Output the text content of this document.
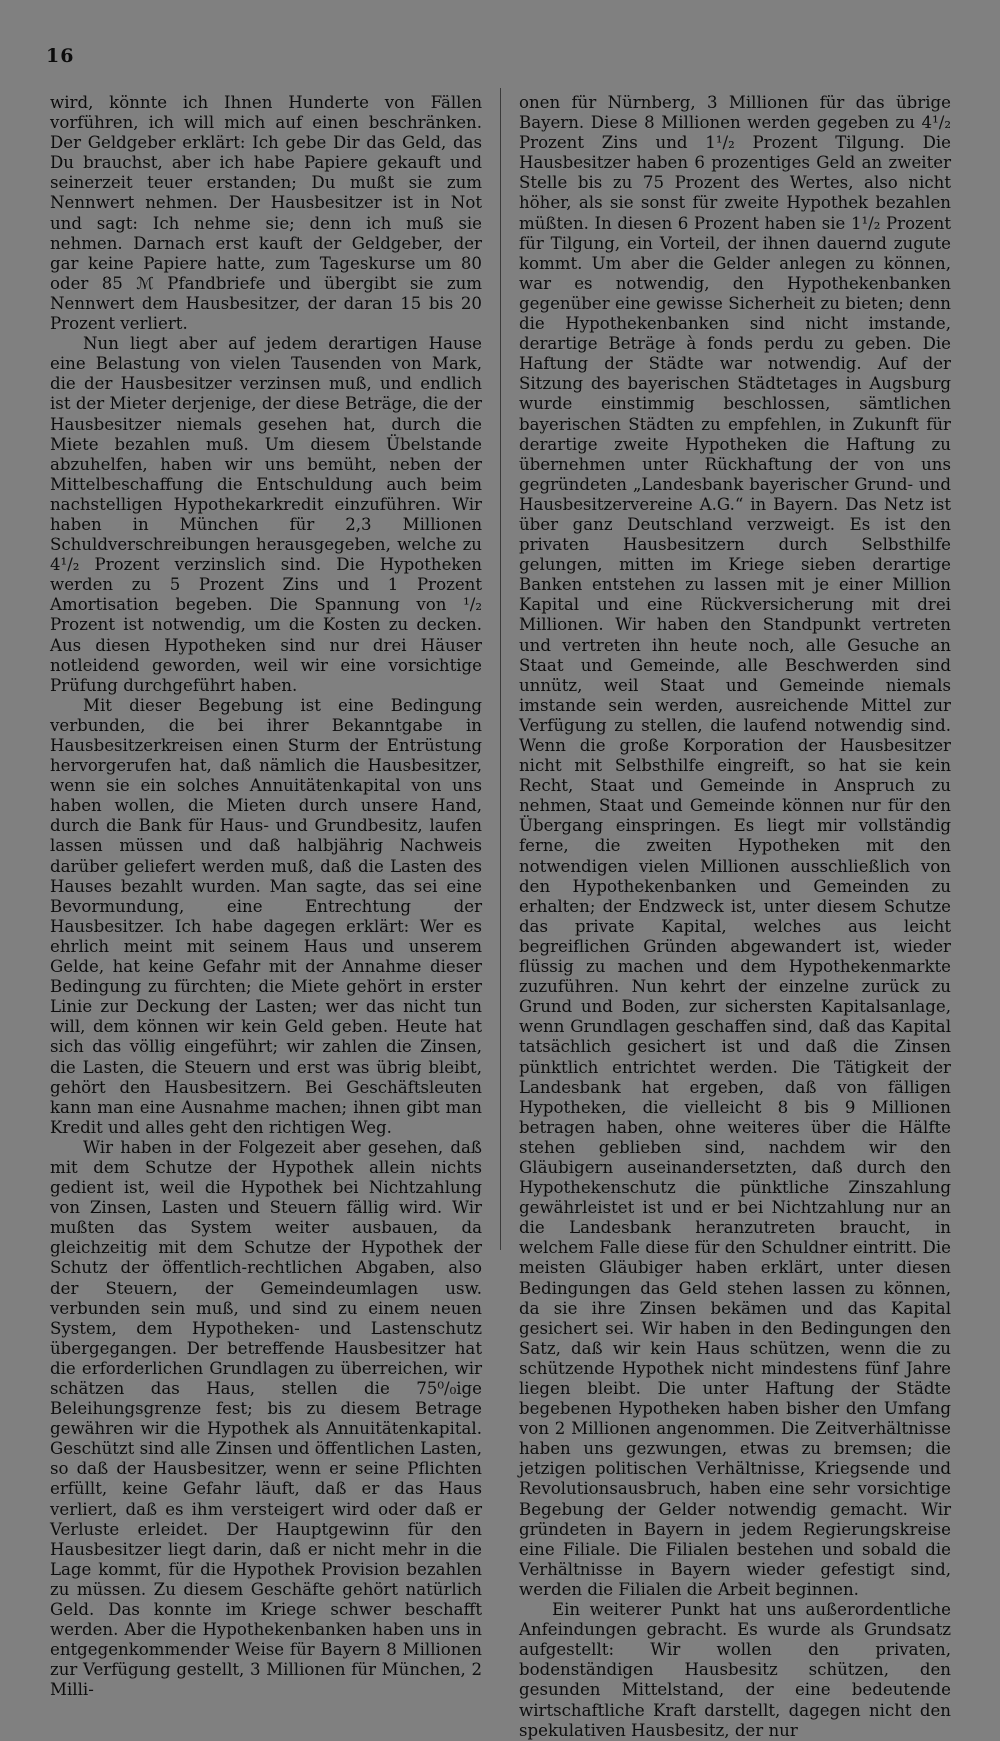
16

wird, könnte ich Ihnen Hunderte von Fällen vorführen, ich will mich auf einen beschränken. Der Geldgeber erklärt: Ich gebe Dir das Geld, das Du brauchst, aber ich habe Papiere gekauft und seinerzeit teuer erstanden; Du mußt sie zum Nennwert nehmen. Der Hausbesitzer ist in Not und sagt: Ich nehme sie; denn ich muß sie nehmen. Darnach erst kauft der Geldgeber, der gar keine Papiere hatte, zum Tageskurse um 80 oder 85 ℳ Pfandbriefe und übergibt sie zum Nennwert dem Hausbesitzer, der daran 15 bis 20 Prozent verliert.

Nun liegt aber auf jedem derartigen Hause eine Belastung von vielen Tausenden von Mark, die der Hausbesitzer verzinsen muß, und endlich ist der Mieter derjenige, der diese Beträge, die der Hausbesitzer niemals gesehen hat, durch die Miete bezahlen muß. Um diesem Übelstande abzuhelfen, haben wir uns bemüht, neben der Mittelbeschaffung die Entschuldung auch beim nachstelligen Hypothekarkredit einzuführen. Wir haben in München für 2,3 Millionen Schuldverschreibungen herausgegeben, welche zu 4¹/₂ Prozent verzinslich sind. Die Hypotheken werden zu 5 Prozent Zins und 1 Prozent Amortisation begeben. Die Spannung von ¹/₂ Prozent ist notwendig, um die Kosten zu decken. Aus diesen Hypotheken sind nur drei Häuser notleidend geworden, weil wir eine vorsichtige Prüfung durchgeführt haben.

Mit dieser Begebung ist eine Bedingung verbunden, die bei ihrer Bekanntgabe in Hausbesitzerkreisen einen Sturm der Entrüstung hervorgerufen hat, daß nämlich die Hausbesitzer, wenn sie ein solches Annuitätenkapital von uns haben wollen, die Mieten durch unsere Hand, durch die Bank für Haus- und Grundbesitz, laufen lassen müssen und daß halbjährig Nachweis darüber geliefert werden muß, daß die Lasten des Hauses bezahlt wurden. Man sagte, das sei eine Bevormundung, eine Entrechtung der Hausbesitzer. Ich habe dagegen erklärt: Wer es ehrlich meint mit seinem Haus und unserem Gelde, hat keine Gefahr mit der Annahme dieser Bedingung zu fürchten; die Miete gehört in erster Linie zur Deckung der Lasten; wer das nicht tun will, dem können wir kein Geld geben. Heute hat sich das völlig eingeführt; wir zahlen die Zinsen, die Lasten, die Steuern und erst was übrig bleibt, gehört den Hausbesitzern. Bei Geschäftsleuten kann man eine Ausnahme machen; ihnen gibt man Kredit und alles geht den richtigen Weg.

Wir haben in der Folgezeit aber gesehen, daß mit dem Schutze der Hypothek allein nichts gedient ist, weil die Hypothek bei Nichtzahlung von Zinsen, Lasten und Steuern fällig wird. Wir mußten das System weiter ausbauen, da gleichzeitig mit dem Schutze der Hypothek der Schutz der öffentlich-rechtlichen Abgaben, also der Steuern, der Gemeindeumlagen usw. verbunden sein muß, und sind zu einem neuen System, dem Hypotheken- und Lastenschutz übergegangen. Der betreffende Hausbesitzer hat die erforderlichen Grundlagen zu überreichen, wir schätzen das Haus, stellen die 75⁰/₀ige Beleihungsgrenze fest; bis zu diesem Betrage gewähren wir die Hypothek als Annuitätenkapital. Geschützt sind alle Zinsen und öffentlichen Lasten, so daß der Hausbesitzer, wenn er seine Pflichten erfüllt, keine Gefahr läuft, daß er das Haus verliert, daß es ihm versteigert wird oder daß er Verluste erleidet. Der Hauptgewinn für den Hausbesitzer liegt darin, daß er nicht mehr in die Lage kommt, für die Hypothek Provision bezahlen zu müssen. Zu diesem Geschäfte gehört natürlich Geld. Das konnte im Kriege schwer beschafft werden. Aber die Hypothekenbanken haben uns in entgegenkommender Weise für Bayern 8 Millionen zur Verfügung gestellt, 3 Millionen für München, 2 Milli-

onen für Nürnberg, 3 Millionen für das übrige Bayern. Diese 8 Millionen werden gegeben zu 4¹/₂ Prozent Zins und 1¹/₂ Prozent Tilgung. Die Hausbesitzer haben 6 prozentiges Geld an zweiter Stelle bis zu 75 Prozent des Wertes, also nicht höher, als sie sonst für zweite Hypothek bezahlen müßten. In diesen 6 Prozent haben sie 1¹/₂ Prozent für Tilgung, ein Vorteil, der ihnen dauernd zugute kommt. Um aber die Gelder anlegen zu können, war es notwendig, den Hypothekenbanken gegenüber eine gewisse Sicherheit zu bieten; denn die Hypothekenbanken sind nicht imstande, derartige Beträge à fonds perdu zu geben. Die Haftung der Städte war notwendig. Auf der Sitzung des bayerischen Städtetages in Augsburg wurde einstimmig beschlossen, sämtlichen bayerischen Städten zu empfehlen, in Zukunft für derartige zweite Hypotheken die Haftung zu übernehmen unter Rückhaftung der von uns gegründeten „Landesbank bayerischer Grund- und Hausbesitzervereine A.G.“ in Bayern. Das Netz ist über ganz Deutschland verzweigt. Es ist den privaten Hausbesitzern durch Selbsthilfe gelungen, mitten im Kriege sieben derartige Banken entstehen zu lassen mit je einer Million Kapital und eine Rückversicherung mit drei Millionen. Wir haben den Standpunkt vertreten und vertreten ihn heute noch, alle Gesuche an Staat und Gemeinde, alle Beschwerden sind unnütz, weil Staat und Gemeinde niemals imstande sein werden, ausreichende Mittel zur Verfügung zu stellen, die laufend notwendig sind. Wenn die große Korporation der Hausbesitzer nicht mit Selbsthilfe eingreift, so hat sie kein Recht, Staat und Gemeinde in Anspruch zu nehmen, Staat und Gemeinde können nur für den Übergang einspringen. Es liegt mir vollständig ferne, die zweiten Hypotheken mit den notwendigen vielen Millionen ausschließlich von den Hypothekenbanken und Gemeinden zu erhalten; der Endzweck ist, unter diesem Schutze das private Kapital, welches aus leicht begreiflichen Gründen abgewandert ist, wieder flüssig zu machen und dem Hypothekenmarkte zuzuführen. Nun kehrt der einzelne zurück zu Grund und Boden, zur sichersten Kapitalsanlage, wenn Grundlagen geschaffen sind, daß das Kapital tatsächlich gesichert ist und daß die Zinsen pünktlich entrichtet werden. Die Tätigkeit der Landesbank hat ergeben, daß von fälligen Hypotheken, die vielleicht 8 bis 9 Millionen betragen haben, ohne weiteres über die Hälfte stehen geblieben sind, nachdem wir den Gläubigern auseinandersetzten, daß durch den Hypothekenschutz die pünktliche Zinszahlung gewährleistet ist und er bei Nichtzahlung nur an die Landesbank heranzutreten braucht, in welchem Falle diese für den Schuldner eintritt. Die meisten Gläubiger haben erklärt, unter diesen Bedingungen das Geld stehen lassen zu können, da sie ihre Zinsen bekämen und das Kapital gesichert sei. Wir haben in den Bedingungen den Satz, daß wir kein Haus schützen, wenn die zu schützende Hypothek nicht mindestens fünf Jahre liegen bleibt. Die unter Haftung der Städte begebenen Hypotheken haben bisher den Umfang von 2 Millionen angenommen. Die Zeitverhältnisse haben uns gezwungen, etwas zu bremsen; die jetzigen politischen Verhältnisse, Kriegsende und Revolutionsausbruch, haben eine sehr vorsichtige Begebung der Gelder notwendig gemacht. Wir gründeten in Bayern in jedem Regierungskreise eine Filiale. Die Filialen bestehen und sobald die Verhältnisse in Bayern wieder gefestigt sind, werden die Filialen die Arbeit beginnen.

Ein weiterer Punkt hat uns außerordentliche Anfeindungen gebracht. Es wurde als Grundsatz aufgestellt: Wir wollen den privaten, bodenständigen Hausbesitz schützen, den gesunden Mittelstand, der eine bedeutende wirtschaftliche Kraft darstellt, dagegen nicht den spekulativen Hausbesitz, der nur
